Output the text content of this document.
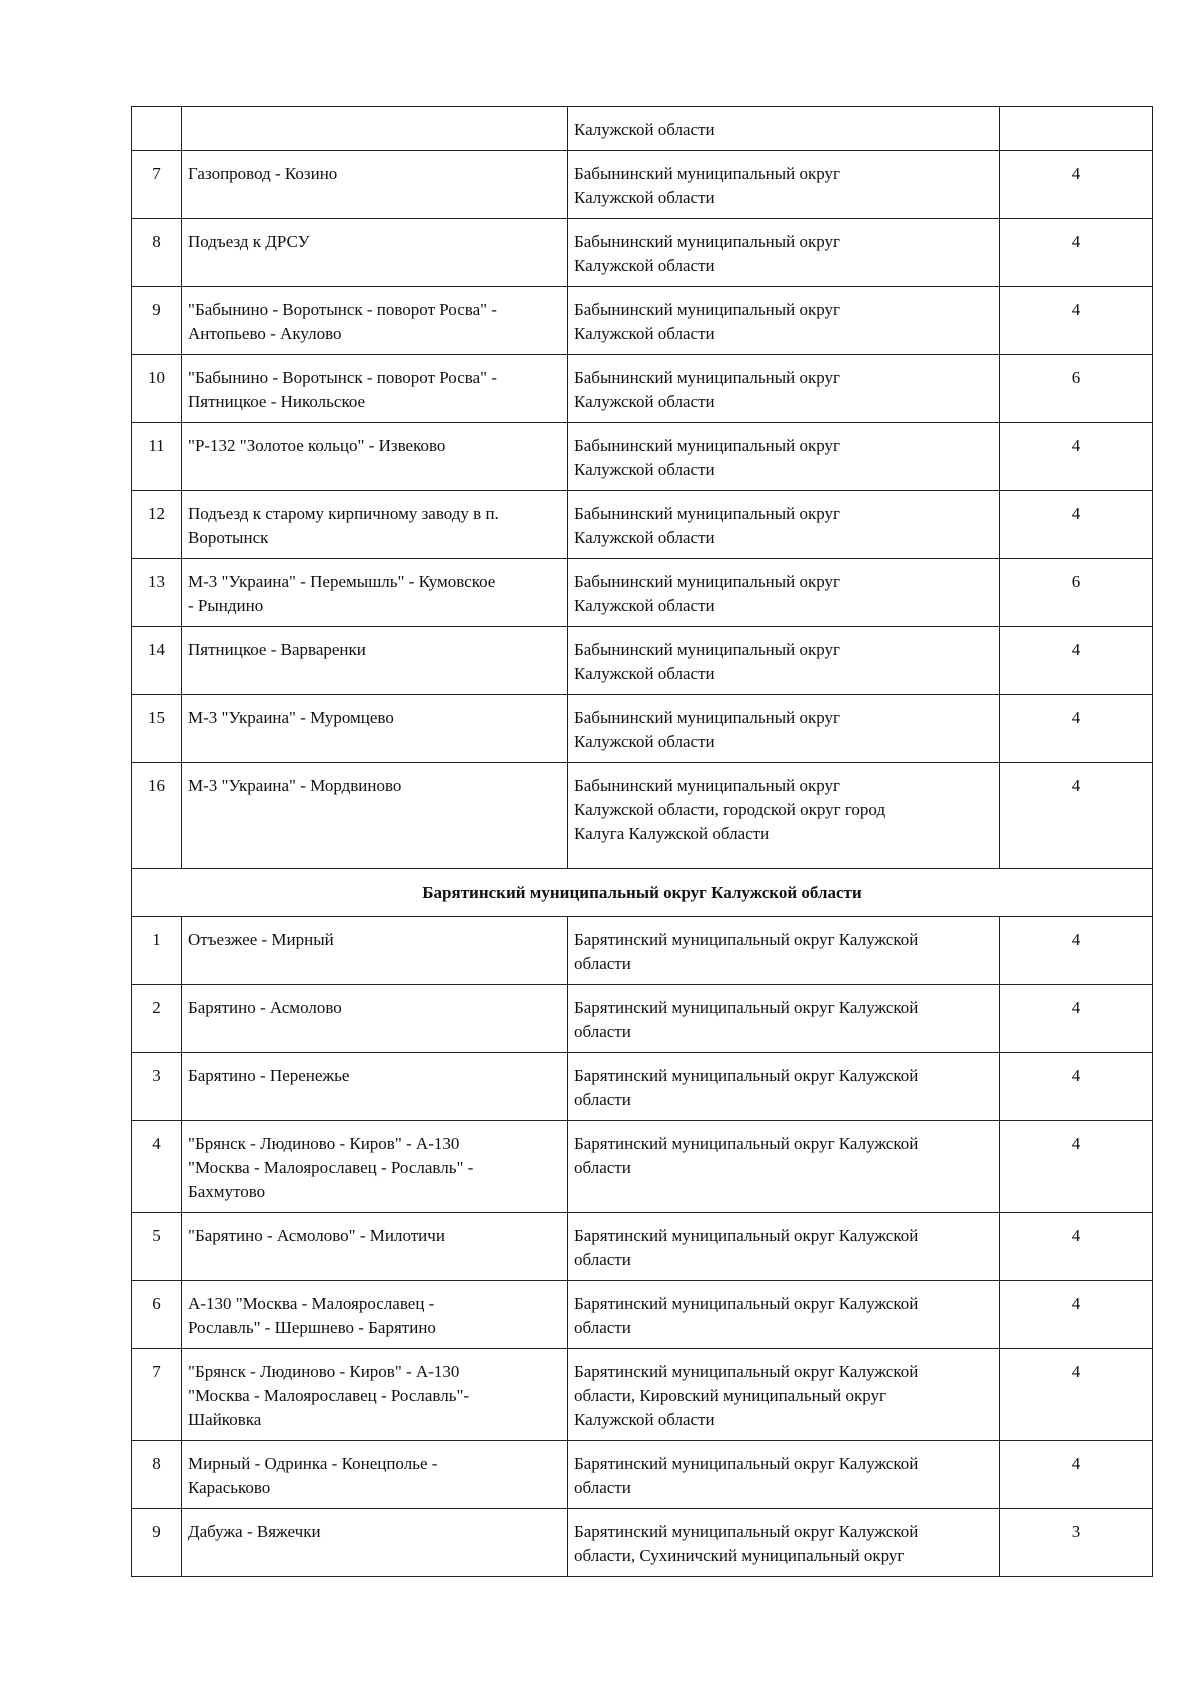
		Калужской области	
7	Газопровод - Козино	Бабынинский муниципальный округ
Калужской области	4
8	Подъезд к ДРСУ	Бабынинский муниципальный округ
Калужской области	4
9	"Бабынино - Воротынск - поворот Росва" -
Антопьево - Акулово	Бабынинский муниципальный округ
Калужской области	4
10	"Бабынино - Воротынск - поворот Росва" -
Пятницкое - Никольское	Бабынинский муниципальный округ
Калужской области	6
11	"Р-132 "Золотое кольцо" - Извеково	Бабынинский муниципальный округ
Калужской области	4
12	Подъезд к старому кирпичному заводу в п.
Воротынск	Бабынинский муниципальный округ
Калужской области	4
13	М-3 "Украина" - Перемышль" - Кумовское
- Рындино	Бабынинский муниципальный округ
Калужской области	6
14	Пятницкое - Варваренки	Бабынинский муниципальный округ
Калужской области	4
15	М-3 "Украина" - Муромцево	Бабынинский муниципальный округ
Калужской области	4
16	М-3 "Украина" - Мордвиново	Бабынинский муниципальный округ
Калужской области, городской округ город
Калуга Калужской области	4
Барятинский муниципальный округ Калужской области			
1	Отъезжее - Мирный	Барятинский муниципальный округ Калужской
области	4
2	Барятино - Асмолово	Барятинский муниципальный округ Калужской
области	4
3	Барятино - Перенежье	Барятинский муниципальный округ Калужской
области	4
4	"Брянск - Людиново - Киров" - А-130
"Москва - Малоярославец - Рославль" -
Бахмутово	Барятинский муниципальный округ Калужской
области	4
5	"Барятино - Асмолово" - Милотичи	Барятинский муниципальный округ Калужской
области	4
6	А-130 "Москва - Малоярославец -
Рославль" - Шершнево - Барятино	Барятинский муниципальный округ Калужской
области	4
7	"Брянск - Людиново - Киров" - А-130
"Москва - Малоярославец - Рославль"-
Шайковка	Барятинский муниципальный округ Калужской
области, Кировский муниципальный округ
Калужской области	4
8	Мирный - Одринка - Конецполье -
Караськово	Барятинский муниципальный округ Калужской
области	4
9	Дабужа - Вяжечки	Барятинский муниципальный округ Калужской
области, Сухиничский муниципальный округ	3
